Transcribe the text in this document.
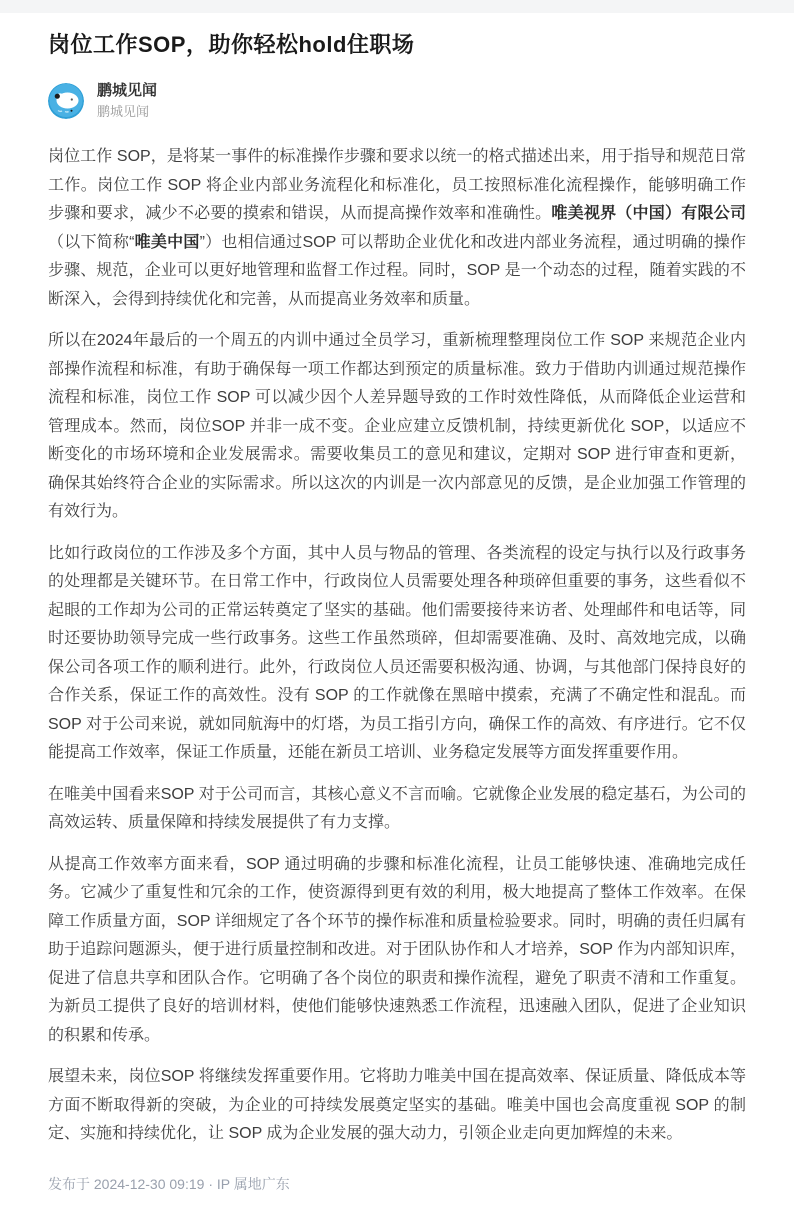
岗位工作SOP，助你轻松hold住职场
鹏城见闻
鹏城见闻

岗位工作 SOP，是将某一事件的标准操作步骤和要求以统一的格式描述出来，用于指导和规范日常工作。岗位工作 SOP 将企业内部业务流程化和标准化，员工按照标准化流程操作，能够明确工作步骤和要求，减少不必要的摸索和错误，从而提高操作效率和准确性。唯美视界（中国）有限公司（以下简称“唯美中国”）也相信通过SOP 可以帮助企业优化和改进内部业务流程，通过明确的操作步骤、规范，企业可以更好地管理和监督工作过程。同时，SOP 是一个动态的过程，随着实践的不断深入，会得到持续优化和完善，从而提高业务效率和质量。

所以在2024年最后的一个周五的内训中通过全员学习，重新梳理整理岗位工作 SOP 来规范企业内部操作流程和标准，有助于确保每一项工作都达到预定的质量标准。致力于借助内训通过规范操作流程和标准，岗位工作 SOP 可以减少因个人差异题导致的工作时效性降低，从而降低企业运营和管理成本。然而，岗位SOP 并非一成不变。企业应建立反馈机制，持续更新优化 SOP，以适应不断变化的市场环境和企业发展需求。需要收集员工的意见和建议，定期对 SOP 进行审查和更新，确保其始终符合企业的实际需求。所以这次的内训是一次内部意见的反馈，是企业加强工作管理的有效行为。

比如行政岗位的工作涉及多个方面，其中人员与物品的管理、各类流程的设定与执行以及行政事务的处理都是关键环节。在日常工作中，行政岗位人员需要处理各种琐碎但重要的事务，这些看似不起眼的工作却为公司的正常运转奠定了坚实的基础。他们需要接待来访者、处理邮件和电话等，同时还要协助领导完成一些行政事务。这些工作虽然琐碎，但却需要准确、及时、高效地完成，以确保公司各项工作的顺利进行。此外，行政岗位人员还需要积极沟通、协调，与其他部门保持良好的合作关系，保证工作的高效性。没有 SOP 的工作就像在黑暗中摸索，充满了不确定性和混乱。而 SOP 对于公司来说，就如同航海中的灯塔，为员工指引方向，确保工作的高效、有序进行。它不仅能提高工作效率，保证工作质量，还能在新员工培训、业务稳定发展等方面发挥重要作用。

在唯美中国看来SOP 对于公司而言，其核心意义不言而喻。它就像企业发展的稳定基石，为公司的高效运转、质量保障和持续发展提供了有力支撑。

从提高工作效率方面来看，SOP 通过明确的步骤和标准化流程，让员工能够快速、准确地完成任务。它减少了重复性和冗余的工作，使资源得到更有效的利用，极大地提高了整体工作效率。在保障工作质量方面，SOP 详细规定了各个环节的操作标准和质量检验要求。同时，明确的责任归属有助于追踪问题源头，便于进行质量控制和改进。对于团队协作和人才培养，SOP 作为内部知识库，促进了信息共享和团队合作。它明确了各个岗位的职责和操作流程，避免了职责不清和工作重复。为新员工提供了良好的培训材料，使他们能够快速熟悉工作流程，迅速融入团队，促进了企业知识的积累和传承。

展望未来，岗位SOP 将继续发挥重要作用。它将助力唯美中国在提高效率、保证质量、降低成本等方面不断取得新的突破，为企业的可持续发展奠定坚实的基础。唯美中国也会高度重视 SOP 的制定、实施和持续优化，让 SOP 成为企业发展的强大动力，引领企业走向更加辉煌的未来。

发布于 2024-12-30 09:19 · IP 属地广东
